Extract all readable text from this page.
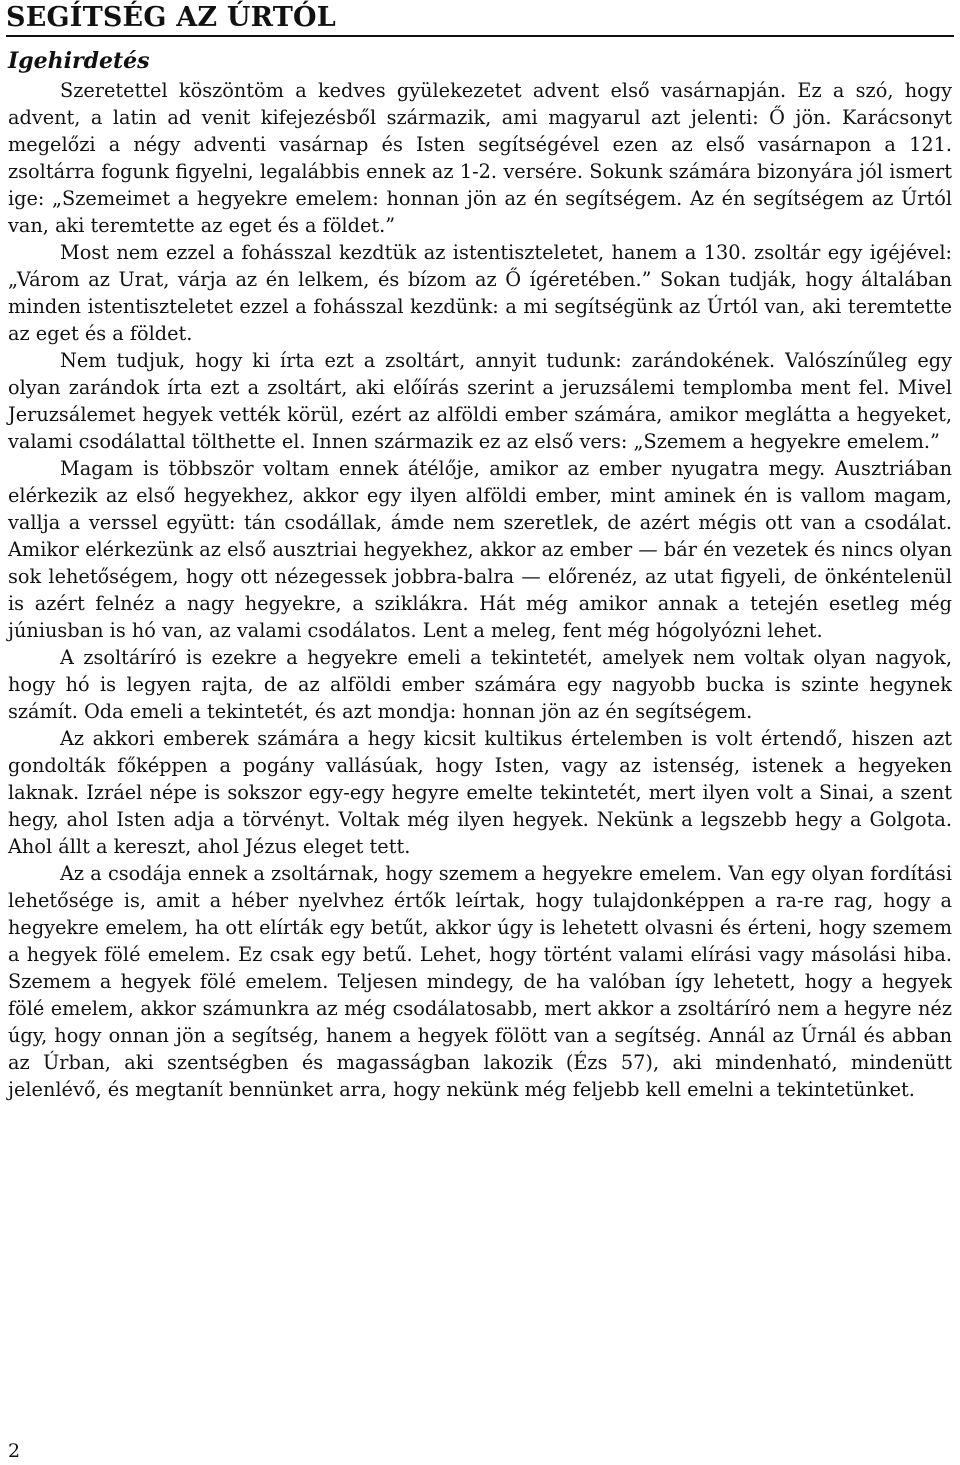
SEGÍTSÉG AZ ÚRTÓL
Igehirdetés

Szeretettel köszöntöm a kedves gyülekezetet advent első vasárnapján. Ez a szó, hogy advent, a latin ad venit kifejezésből származik, ami magyarul azt jelenti: Ő jön. Karácsonyt megelőzi a négy adventi vasárnap és Isten segítségével ezen az első vasárnapon a 121. zsoltárra fogunk figyelni, legalábbis ennek az 1-2. versére. Sokunk számára bizonyára jól ismert ige: „Szemeimet a hegyekre emelem: honnan jön az én segítségem. Az én segítségem az Úrtól van, aki teremtette az eget és a földet.”

Most nem ezzel a fohásszal kezdtük az istentiszteletet, hanem a 130. zsoltár egy igéjével: „Várom az Urat, várja az én lelkem, és bízom az Ő ígéretében.” Sokan tudják, hogy általában minden istentiszteletet ezzel a fohásszal kezdünk: a mi segítségünk az Úrtól van, aki teremtette az eget és a földet.

Nem tudjuk, hogy ki írta ezt a zsoltárt, annyit tudunk: zarándokének. Valószínűleg egy olyan zarándok írta ezt a zsoltárt, aki előírás szerint a jeruzsálemi templomba ment fel. Mivel Jeruzsálemet hegyek vették körül, ezért az alföldi ember számára, amikor meglátta a hegyeket, valami csodálattal tölthette el. Innen származik ez az első vers: „Szemem a hegyekre emelem.”

Magam is többször voltam ennek átélője, amikor az ember nyugatra megy. Ausztriában elérkezik az első hegyekhez, akkor egy ilyen alföldi ember, mint aminek én is vallom magam, vallja a verssel együtt: tán csodállak, ámde nem szeretlek, de azért mégis ott van a csodálat. Amikor elérkezünk az első ausztriai hegyekhez, akkor az ember — bár én vezetek és nincs olyan sok lehetőségem, hogy ott nézegessek jobbra-balra — előrenéz, az utat figyeli, de önkéntelenül is azért felnéz a nagy hegyekre, a sziklákra. Hát még amikor annak a tetején esetleg még júniusban is hó van, az valami csodálatos. Lent a meleg, fent még hógolyózni lehet.

A zsoltáríró is ezekre a hegyekre emeli a tekintetét, amelyek nem voltak olyan nagyok, hogy hó is legyen rajta, de az alföldi ember számára egy nagyobb bucka is szinte hegynek számít. Oda emeli a tekintetét, és azt mondja: honnan jön az én segítségem.

Az akkori emberek számára a hegy kicsit kultikus értelemben is volt értendő, hiszen azt gondolták főképpen a pogány vallásúak, hogy Isten, vagy az istenség, istenek a hegyeken laknak. Izráel népe is sokszor egy-egy hegyre emelte tekintetét, mert ilyen volt a Sinai, a szent hegy, ahol Isten adja a törvényt. Voltak még ilyen hegyek. Nekünk a legszebb hegy a Golgota. Ahol állt a kereszt, ahol Jézus eleget tett.

Az a csodája ennek a zsoltárnak, hogy szemem a hegyekre emelem. Van egy olyan fordítási lehetősége is, amit a héber nyelvhez értők leírtak, hogy tulajdonképpen a ra-re rag, hogy a hegyekre emelem, ha ott elírták egy betűt, akkor úgy is lehetett olvasni és érteni, hogy szemem a hegyek fölé emelem. Ez csak egy betű. Lehet, hogy történt valami elírási vagy másolási hiba. Szemem a hegyek fölé emelem. Teljesen mindegy, de ha valóban így lehetett, hogy a hegyek fölé emelem, akkor számunkra az még csodálatosabb, mert akkor a zsoltáríró nem a hegyre néz úgy, hogy onnan jön a segítség, hanem a hegyek fölött van a segítség. Annál az Úrnál és abban az Úrban, aki szentségben és magasságban lakozik (Ézs 57), aki mindenható, mindenütt jelenlévő, és megtanít bennünket arra, hogy nekünk még feljebb kell emelni a tekintetünket.

2
